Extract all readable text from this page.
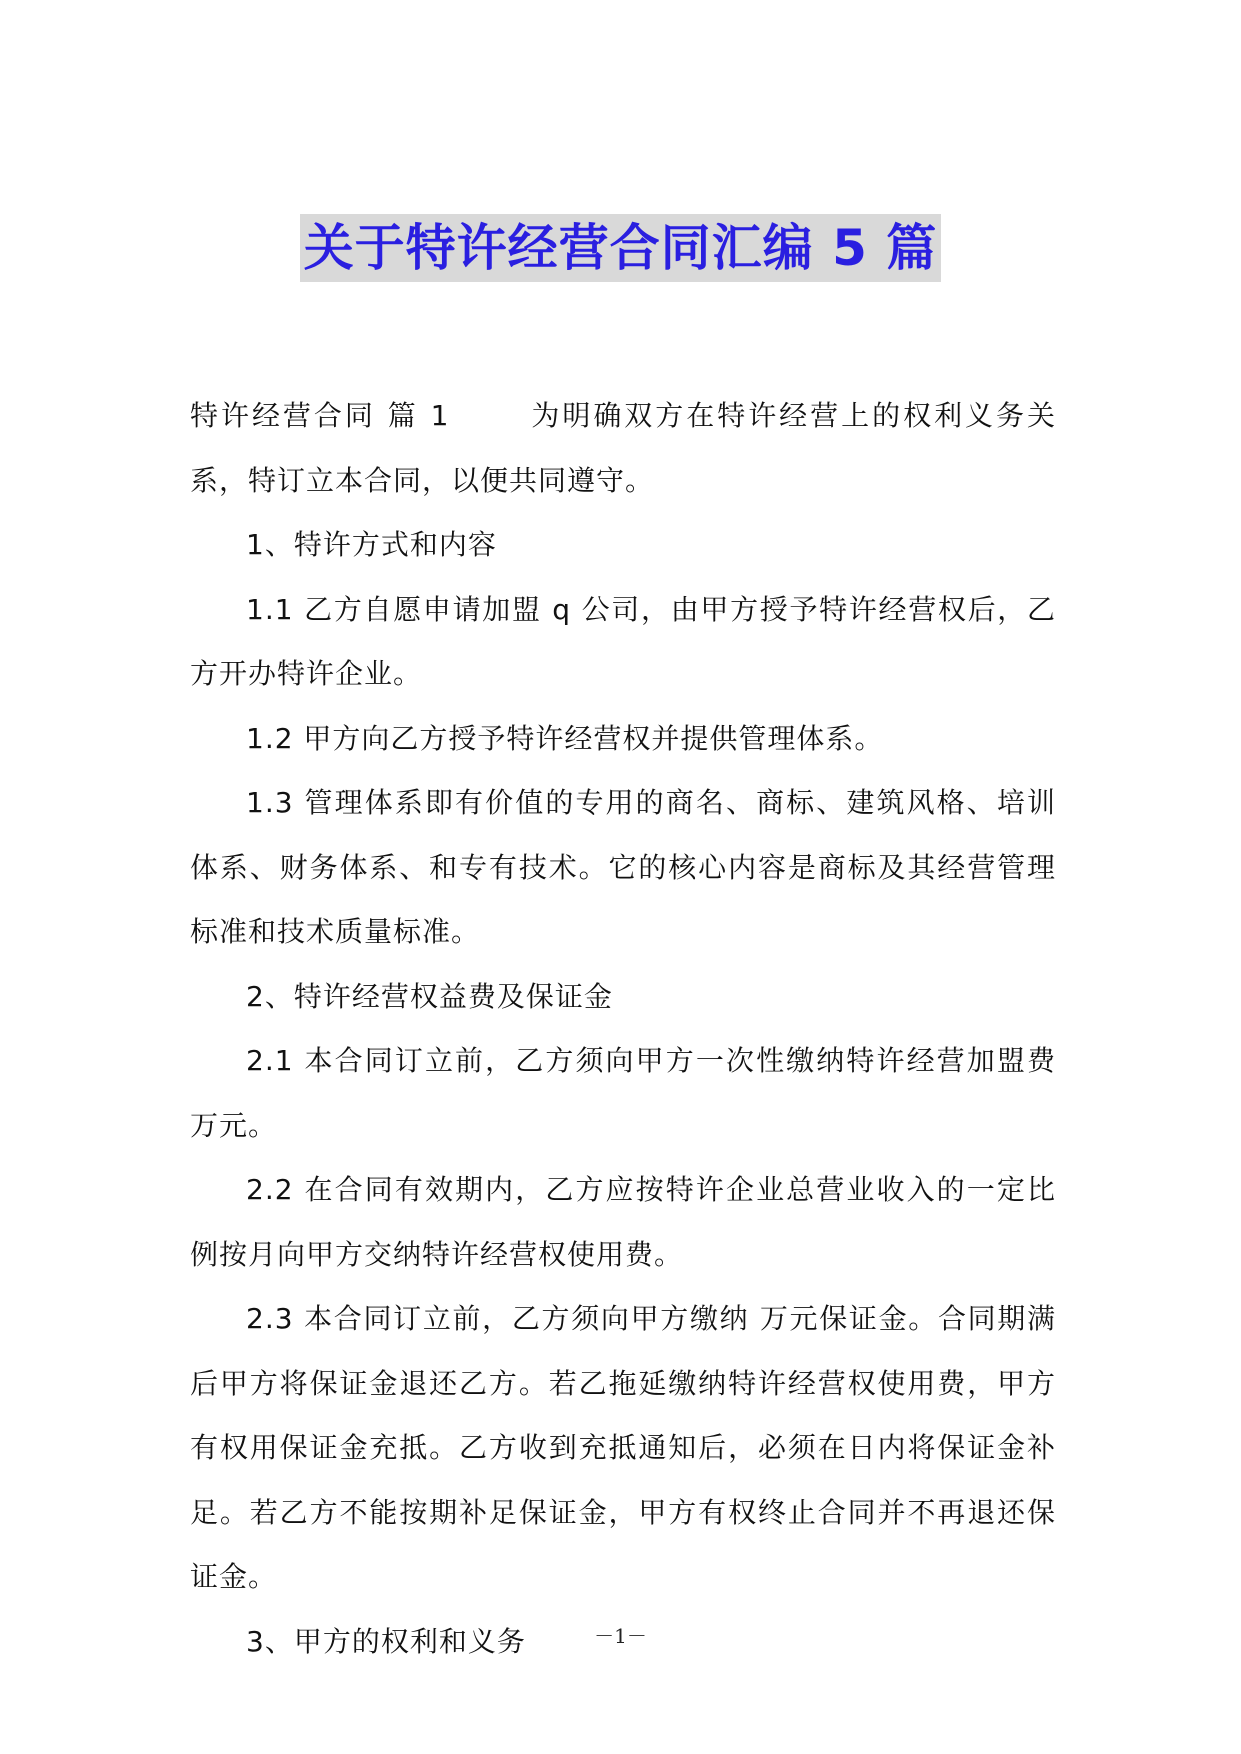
关于特许经营合同汇编 5 篇

特许经营合同 篇 1	为明确双方在特许经营上的权利义务关系，特订立本合同，以便共同遵守。

1、特许方式和内容

1.1 乙方自愿申请加盟 q 公司，由甲方授予特许经营权后，乙方开办特许企业。

1.2 甲方向乙方授予特许经营权并提供管理体系。

1.3 管理体系即有价值的专用的商名、商标、建筑风格、培训体系、财务体系、和专有技术。它的核心内容是商标及其经营管理标准和技术质量标准。

2、特许经营权益费及保证金

2.1 本合同订立前，乙方须向甲方一次性缴纳特许经营加盟费万元。

2.2 在合同有效期内，乙方应按特许企业总营业收入的一定比例按月向甲方交纳特许经营权使用费。

2.3 本合同订立前，乙方须向甲方缴纳 万元保证金。合同期满后甲方将保证金退还乙方。若乙拖延缴纳特许经营权使用费，甲方有权用保证金充抵。乙方收到充抵通知后，必须在日内将保证金补足。若乙方不能按期补足保证金，甲方有权终止合同并不再退还保证金。

3、甲方的权利和义务	－1－
